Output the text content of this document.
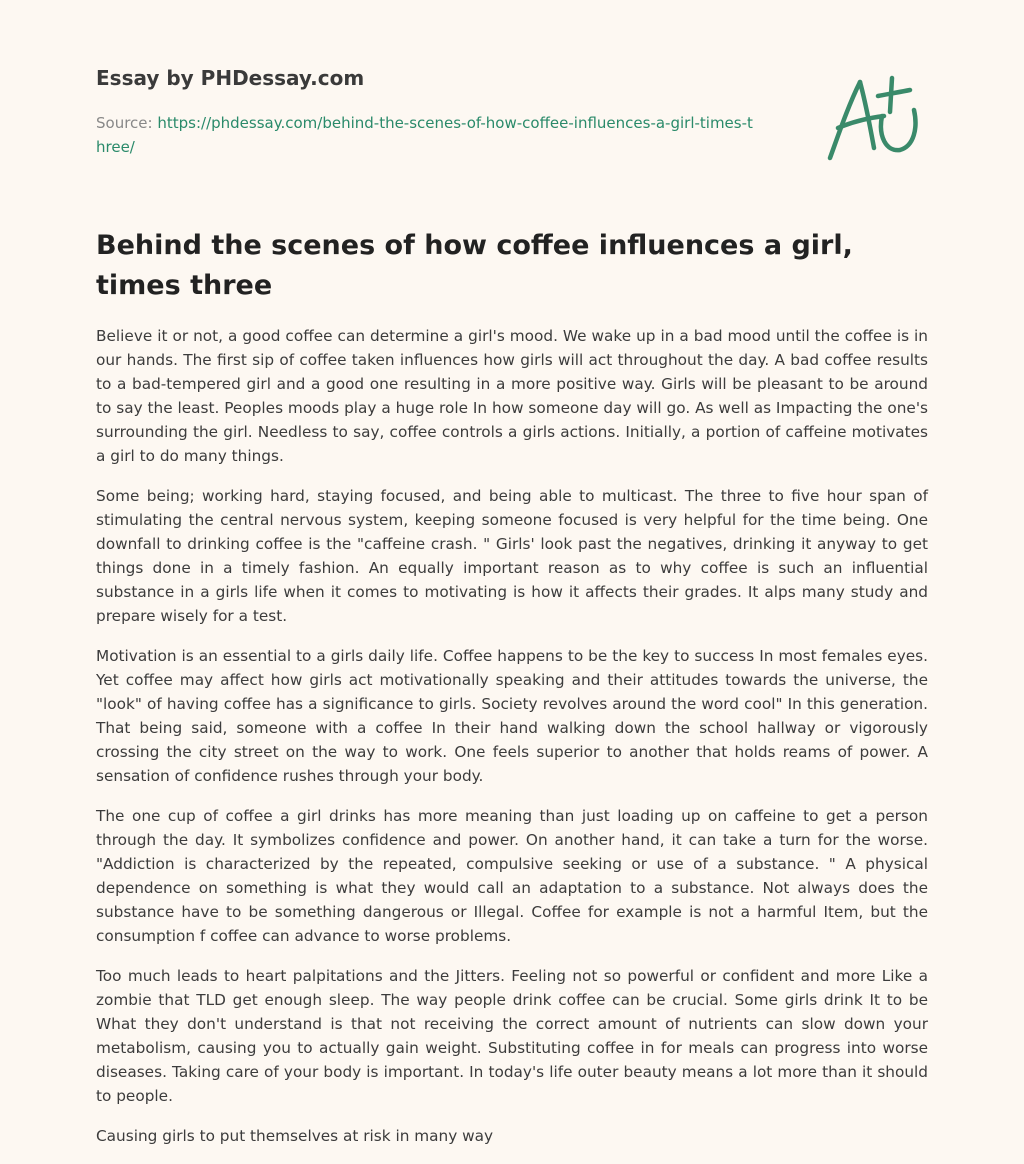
Essay by PHDessay.com
Source: https://phdessay.com/behind-the-scenes-of-how-coffee-influences-a-girl-times-three/
Behind the scenes of how coffee influences a girl, times three

Believe it or not, a good coffee can determine a girl's mood. We wake up in a bad mood until the coffee is in our hands. The first sip of coffee taken influences how girls will act throughout the day. A bad coffee results to a bad-tempered girl and a good one resulting in a more positive way. Girls will be pleasant to be around to say the least. Peoples moods play a huge role In how someone day will go. As well as Impacting the one's surrounding the girl. Needless to say, coffee controls a girls actions. Initially, a portion of caffeine motivates a girl to do many things.

Some being; working hard, staying focused, and being able to multicast. The three to five hour span of stimulating the central nervous system, keeping someone focused is very helpful for the time being. One downfall to drinking coffee is the "caffeine crash. " Girls' look past the negatives, drinking it anyway to get things done in a timely fashion. An equally important reason as to why coffee is such an influential substance in a girls life when it comes to motivating is how it affects their grades. It alps many study and prepare wisely for a test.

Motivation is an essential to a girls daily life. Coffee happens to be the key to success In most females eyes. Yet coffee may affect how girls act motivationally speaking and their attitudes towards the universe, the "look" of having coffee has a significance to girls. Society revolves around the word cool" In this generation. That being said, someone with a coffee In their hand walking down the school hallway or vigorously crossing the city street on the way to work. One feels superior to another that holds reams of power. A sensation of confidence rushes through your body.

The one cup of coffee a girl drinks has more meaning than just loading up on caffeine to get a person through the day. It symbolizes confidence and power. On another hand, it can take a turn for the worse. "Addiction is characterized by the repeated, compulsive seeking or use of a substance. " A physical dependence on something is what they would call an adaptation to a substance. Not always does the substance have to be something dangerous or Illegal. Coffee for example is not a harmful Item, but the consumption f coffee can advance to worse problems.

Too much leads to heart palpitations and the Jitters. Feeling not so powerful or confident and more Like a zombie that TLD get enough sleep. The way people drink coffee can be crucial. Some girls drink It to be What they don't understand is that not receiving the correct amount of nutrients can slow down your metabolism, causing you to actually gain weight. Substituting coffee in for meals can progress into worse diseases. Taking care of your body is important. In today's life outer beauty means a lot more than it should to people.

Causing girls to put themselves at risk in many way
